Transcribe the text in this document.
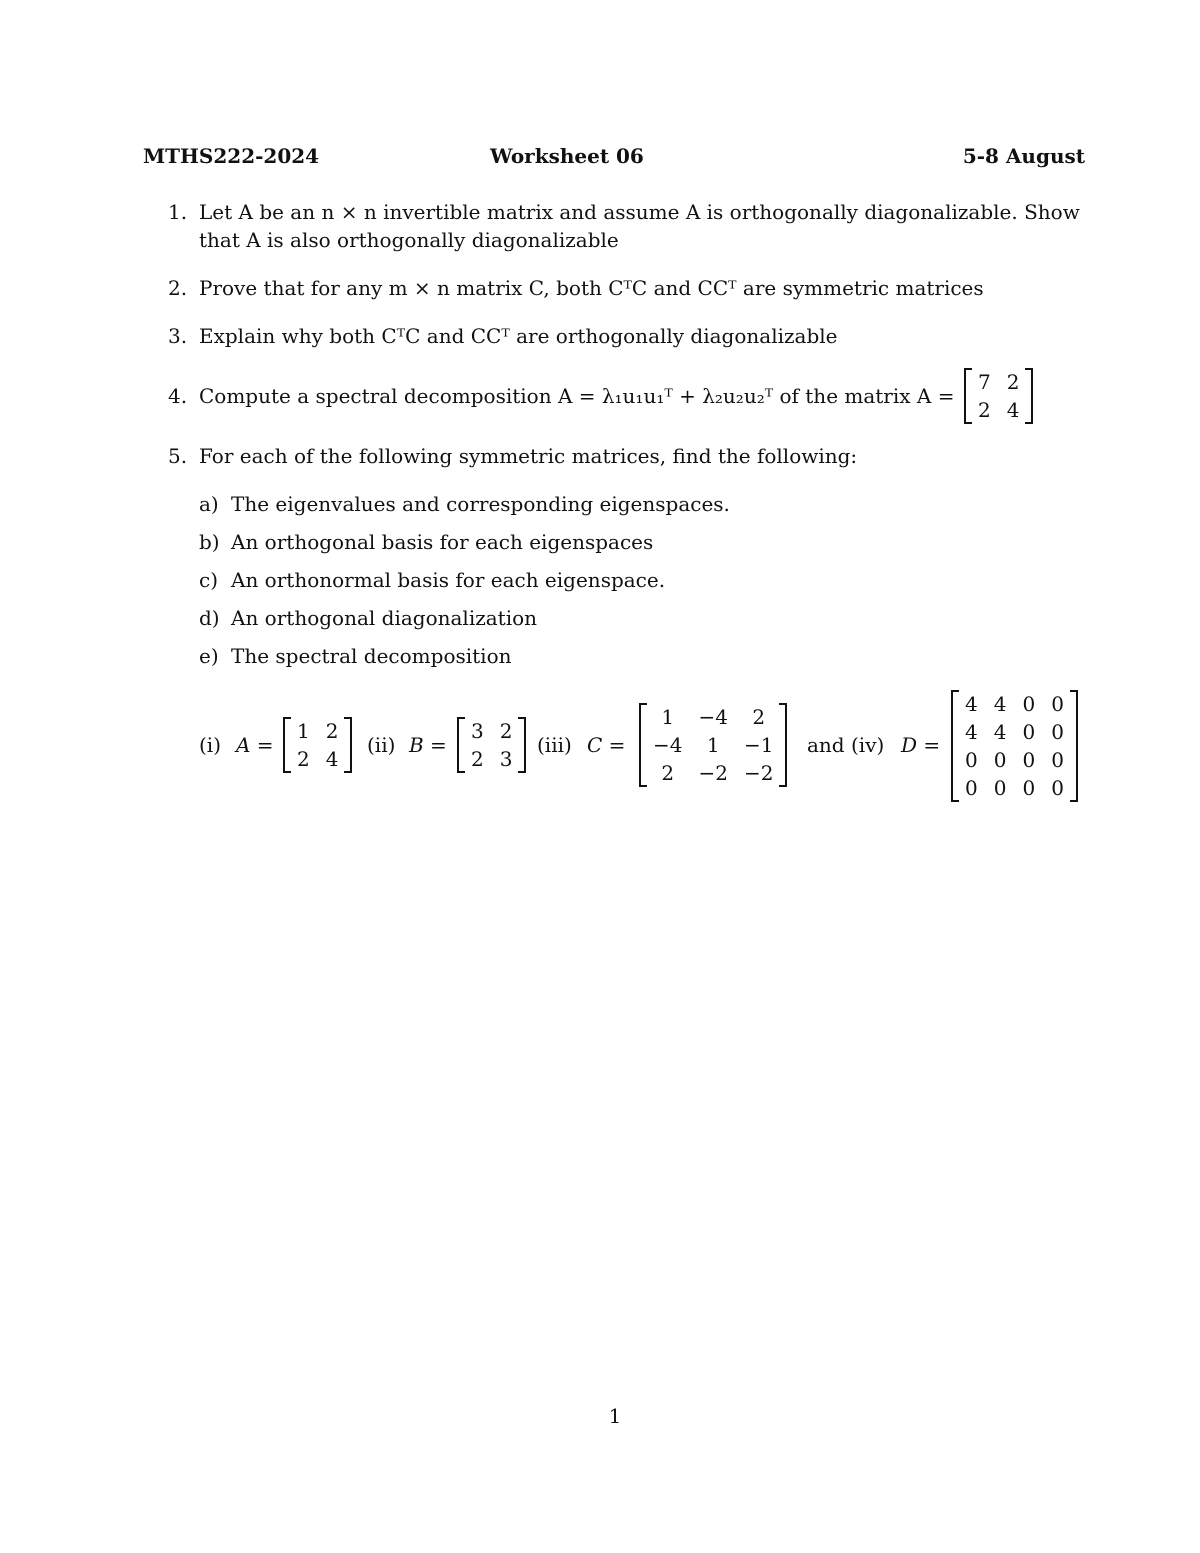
MTHS222-2024	Worksheet 06	5-8 August
1. Let A be an n × n invertible matrix and assume A is orthogonally diagonalizable. Show
that A is also orthogonally diagonalizable
2. Prove that for any m × n matrix C, both CᵀC and CCᵀ are symmetric matrices
3. Explain why both CᵀC and CCᵀ are orthogonally diagonalizable
4. Compute a spectral decomposition A = λ₁u₁u₁ᵀ + λ₂u₂u₂ᵀ of the matrix A =
7	2
2	4
5. For each of the following symmetric matrices, find the following:
a) The eigenvalues and corresponding eigenspaces.
b) An orthogonal basis for each eigenspaces
c) An orthonormal basis for each eigenspace.
d) An orthogonal diagonalization
e) The spectral decomposition
(i) A =
1	2
2	4
(ii) B =
3	2
2	3
(iii) C =
1	−4	2
−4	1	−1
2	−2	−2
and (iv) D =
4	4	0	0
4	4	0	0
0	0	0	0
0	0	0	0
1
